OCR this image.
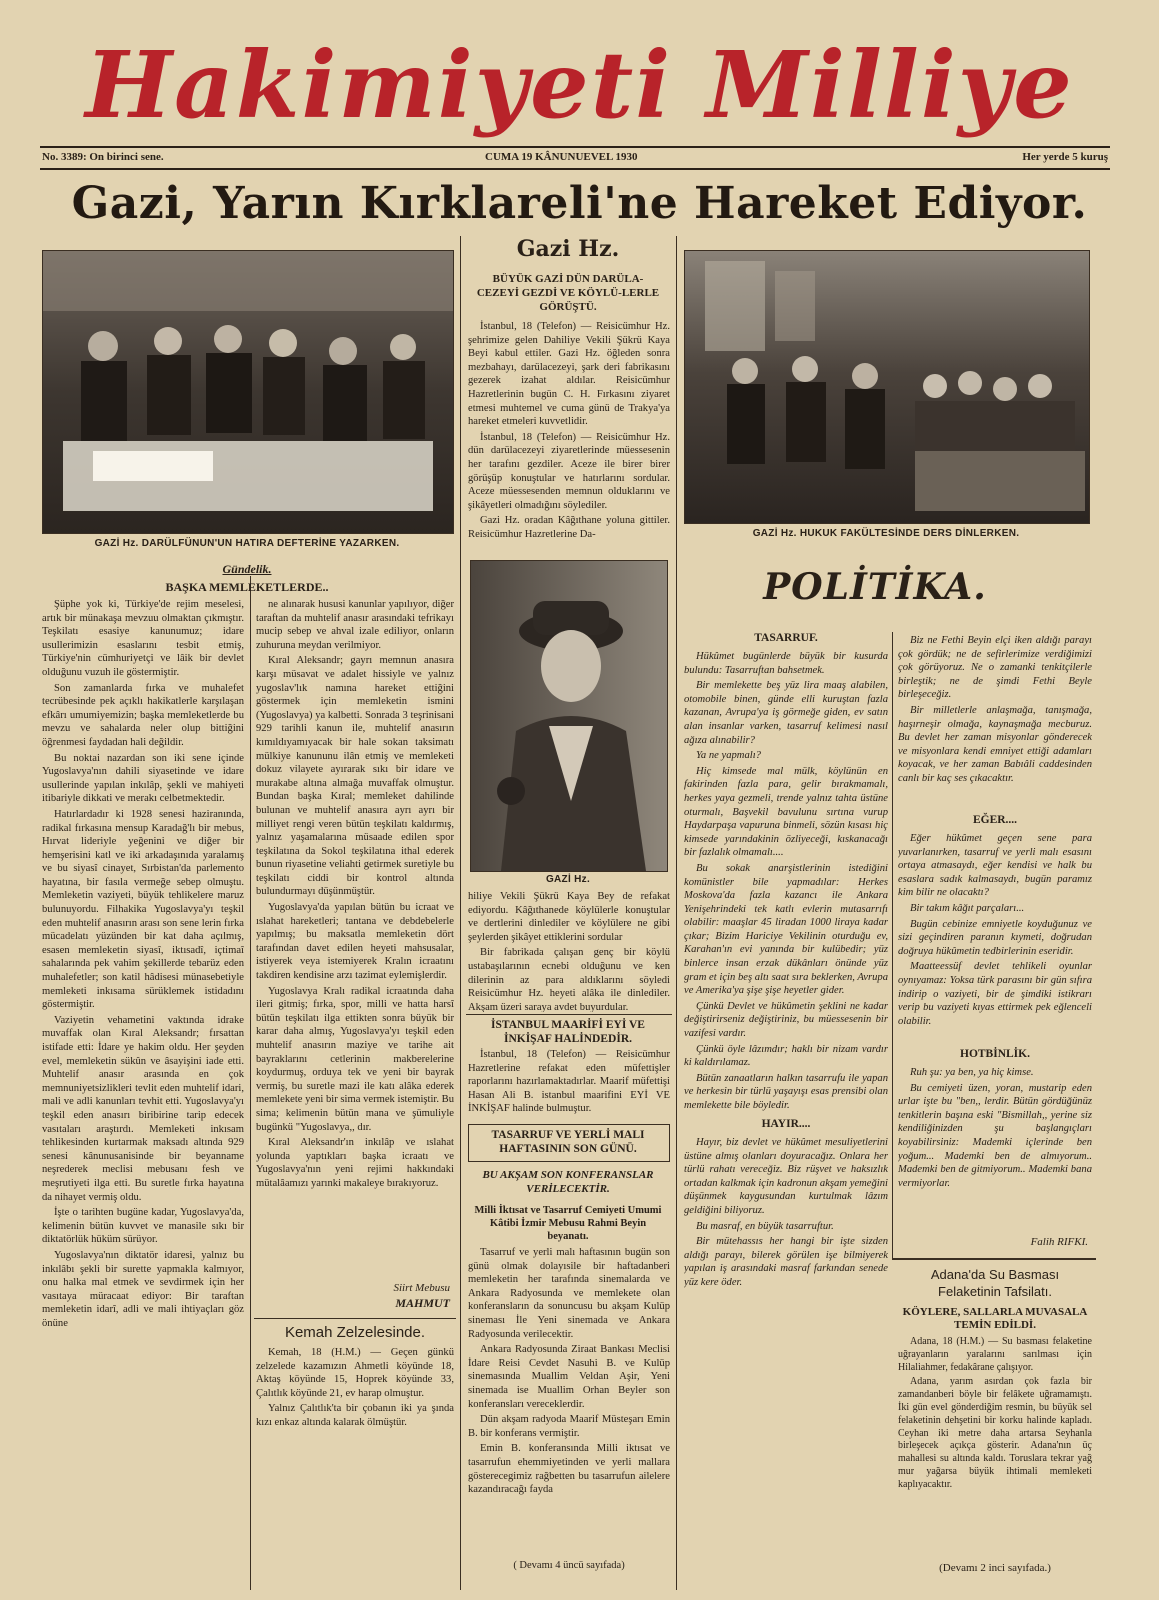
Hakimiyeti Milliye
No. 3389: On birinci sene.	CUMA 19 KÂNUNUEVEL 1930	Her yerde 5 kuruş
Gazi, Yarın Kırklareli'ne Hareket Ediyor.
GAZİ Hz. DARÜLFÜNUN'UN HATIRA DEFTERİNE YAZARKEN.
GAZİ Hz. HUKUK FAKÜLTESİNDE DERS DİNLERKEN.
Gazi Hz.
BÜYÜK GAZİ DÜN DARÜLA-CEZEYİ GEZDİ VE KÖYLÜ-LERLE GÖRÜŞTÜ.

İstanbul, 18 (Telefon) — Reisicümhur Hz. şehrimize gelen Dahiliye Vekili Şükrü Kaya Beyi kabul ettiler. Gazi Hz. öğleden sonra mezbahayı, darülacezeyi, şark deri fabrikasını gezerek izahat aldılar. Reisicümhur Hazretlerinin bugün C. H. Fırkasını ziyaret etmesi muhtemel ve cuma günü de Trakya'ya hareket etmeleri kuvvetlidir.

İstanbul, 18 (Telefon) — Reisicümhur Hz. dün darülacezeyi ziyaretlerinde müessesenin her tarafını gezdiler. Aceze ile birer birer görüşüp konuştular ve hatırlarını sordular. Aceze müessesenden memnun olduklarını ve şikâyetleri olmadığını söylediler.

Gazi Hz. oradan Kâğıthane yoluna gittiler. Reisicümhur Hazretlerine Da-

GAZİ Hz.

hiliye Vekili Şükrü Kaya Bey de refakat ediyordu. Kâğıthanede köylülerle konuştular ve dertlerini dinlediler ve köylülere ne gibi şeylerden şikâyet ettiklerini sordular

Bir fabrikada çalışan genç bir köylü ustabaşılarının ecnebi olduğunu ve ken dilerinin az para aldıklarını söyledi Reisicümhur Hz. heyeti alâka ile dinlediler. Akşam üzeri saraya avdet buyurdular.

İSTANBUL MAARİFİ EYİ VE İNKİŞAF HALİNDEDİR.

İstanbul, 18 (Telefon) — Reisicümhur Hazretlerine refakat eden müfettişler raporlarını hazırlamaktadırlar. Maarif müfettişi Hasan Ali B. istanbul maarifini EYİ VE İNKİŞAF halinde bulmuştur.

TASARRUF VE YERLİ MALI HAFTASININ SON GÜNÜ.
BU AKŞAM SON KONFERANSLAR VERİLECEKTİR.
Milli İktısat ve Tasarruf Cemiyeti Umumi Kâtibi İzmir Mebusu Rahmi Beyin beyanatı.

Tasarruf ve yerli malı haftasının bugün son günü olmak dolayısile bir haftadanberi memleketin her tarafında sinemalarda ve Ankara Radyosunda ve memlekete olan konferansların da sonuncusu bu akşam Kulüp sineması İle Yeni sinemada ve Ankara Radyosunda verilecektir.

Ankara Radyosunda Ziraat Bankası Meclisi İdare Reisi Cevdet Nasuhi B. ve Kulüp sinemasında Muallim Veldan Aşir, Yeni sinemada ise Muallim Orhan Beyler son konferansları vereceklerdir.

Dün akşam radyoda Maarif Müsteşarı Emin B. bir konferans vermiştir.

Emin B. konferansında Milli iktısat ve tasarrufun ehemmiyetinden ve yerli mallara gösterecegimiz rağbetten bu tasarrufun ailelere kazandıracağı fayda

( Devamı 4 üncü sayıfada)
Gündelik.
BAŞKA MEMLEKETLERDE..

Şüphe yok ki, Türkiye'de rejim meselesi, artık bir münakaşa mevzuu olmaktan çıkmıştır. Teşkilatı esasiye kanunumuz; idare usullerimizin esaslarını tesbit etmiş, Türkiye'nin cümhuriyetçi ve lâik bir devlet olduğunu vuzuh ile göstermiştir.

Son zamanlarda fırka ve muhalefet tecrübesinde pek açıklı hakikatlerle karşılaşan efkârı umumiyemizin; başka memleketlerde bu mevzu ve sahalarda neler olup bittiğini öğrenmesi faydadan hali değildir.

Bu noktai nazardan son iki sene içinde Yugoslavya'nın dahili siyasetinde ve idare usullerinde yapılan inkılâp, şekli ve mahiyeti itibariyle dikkati ve merakı celbetmektedir.

Hatırlardadır ki 1928 senesi haziranında, radikal fırkasına mensup Karadağ'lı bir mebus, Hırvat lideriyle yeğenini ve diğer bir hemşerisini katl ve iki arkadaşınıda yaralamış ve bu siyasî cinayet, Sırbistan'da parlemento hayatına, bir fasıla vermeğe sebep olmuştu. Memleketin vaziyeti, büyük tehlikelere maruz bulunuyordu. Filhakika Yugoslavya'yı teşkil eden muhtelif anasırın arası son sene lerin fırka mücadelatı yüzünden bir kat daha açılmış, esasen memleketin siyasî, iktısadî, içtimaî sahalarında pek vahim şekillerde tebarüz eden muhalefetler; son katil hâdisesi münasebetiyle memleketi inkısama sürüklemek istidadını göstermiştir.

Vaziyetin vehametini vaktında idrake muvaffak olan Kıral Aleksandr; fırsattan istifade etti: İdare ye hakim oldu. Her şeyden evel, memleketin sükûn ve âsayişini iade etti. Muhtelif anasır arasında en çok memnuniyetsizlikleri tevlit eden muhtelif idari, mali ve adli kanunları tevhit etti. Yugoslavya'yı teşkil eden anasırı biribirine tarip edecek vasıtaları araştırdı. Memleketi inkısam tehlikesinden kurtarmak maksadı altında 929 senesi kânunusanisinde bir beyanname neşrederek meclisi mebusanı fesh ve meşrutiyeti ilga etti. Bu suretle fırka hayatına da nihayet vermiş oldu.

İşte o tarihten bugüne kadar, Yugoslavya'da, kelimenin bütün kuvvet ve manasile sıkı bir diktatörlük hüküm sürüyor.

Yugoslavya'nın diktatör idaresi, yalnız bu inkılâbı şekli bir surette yapmakla kalmıyor, onu halka mal etmek ve sevdirmek için her vasıtaya müracaat ediyor: Bir taraftan memleketin idarî, adli ve mali ihtiyaçları göz önüne

ne alınarak hususi kanunlar yapılıyor, diğer taraftan da muhtelif anasır arasındaki tefrikayı mucip sebep ve ahval izale ediliyor, onların zuhuruna meydan verilmiyor.

Kıral Aleksandr; gayrı memnun anasıra karşı müsavat ve adalet hissiyle ve yalnız yugoslav'lık namına hareket ettiğini göstermek için memleketin ismini (Yugoslavya) ya kalbetti. Sonrada 3 teşrinisani 929 tarihli kanun ile, muhtelif anasırın kımıldıyamıyacak bir hale sokan taksimatı mülkiye kanununu ilân etmiş ve memleketi dokuz vilayete ayırarak sıkı bir idare ve murakabe altına almağa muvaffak olmuştur. Bundan başka Kıral; memleket dahilinde bulunan ve muhtelif anasıra ayrı ayrı bir milliyet rengi veren bütün teşkilatı kaldırmış, yalnız yaşamalarına müsaade edilen spor teşkilatına da Sokol teşkilatına ithal ederek bunun riyasetine veliahti getirmek suretiyle bu teşkilatı ciddi bir kontrol altında bulundurmayı düşünmüştür.

Yugoslavya'da yapılan bütün bu icraat ve ıslahat hareketleri; tantana ve debdebelerle yapılmış; bu maksatla memleketin dört tarafından davet edilen heyeti mahsusalar, istiyerek veya istemiyerek Kralın icraatını takdiren kendisine arzı tazimat eylemişlerdir.

Yugoslavya Kralı radikal icraatında daha ileri gitmiş; fırka, spor, milli ve hatta harsî bütün teşkilatı ilga ettikten sonra büyük bir karar daha almış, Yugoslavya'yı teşkil eden muhtelif anasırın maziye ve tarihe ait bayraklarını cetlerinin makberelerine koydurmuş, orduya tek ve yeni bir bayrak vermiş, bu suretle mazi ile katı alâka ederek memlekete yeni bir sima vermek istemiştir. Bu sima; kelimenin bütün mana ve şümuliyle bugünkü "Yugoslavya,, dır.

Kıral Aleksandr'ın inkılâp ve ıslahat yolunda yaptıkları başka icraatı ve Yugoslavya'nın yeni rejimi hakkındaki mütalâamızı yarınki makaleye bırakıyoruz.

Siirt Mebusu
MAHMUT
Kemah Zelzelesinde.

Kemah, 18 (H.M.) — Geçen günkü zelzelede kazamızın Ahmetli köyünde 18, Aktaş köyünde 15, Hoprek köyünde 33, Çalıtlık köyünde 21, ev harap olmuştur.

Yalnız Çalıtlık'ta bir çobanın iki ya şında kızı enkaz altında kalarak ölmüştür.

POLİTİKA.
TASARRUF.

Hükûmet bugünlerde büyük bir kusurda bulundu: Tasarruftan bahsetmek.

Bir memlekette beş yüz lira maaş alabilen, otomobile binen, günde elli kuruştan fazla kazanan, Avrupa'ya iş görmeğe giden, ev satın alan insanlar varken, tasarruf kelimesi nasıl ağıza alınabilir?

Ya ne yapmalı?

Hiç kimsede mal mülk, köylünün en fakirinden fazla para, gelir bırakmamalı, herkes yaya gezmeli, trende yalnız tahta üstüne oturmalı, Başvekil bavulunu sırtına vurup Haydarpaşa vapuruna binmeli, sözün kısası hiç kimsede yarındakinin özliyeceği, kıskanacağı bir fazlalık olmamalı....

Bu sokak anarşistlerinin istediğini komünistler bile yapmadılar: Herkes Moskova'da fazla kazancı ile Ankara Yenişehrindeki tek katlı evlerin mutasarrıfı olabilir: maaşlar 45 liradan 1000 liraya kadar çıkar; Bizim Hariciye Vekilinin oturduğu ev, Karahan'ın evi yanında bir kulübedir; yüz binlerce insan erzak dükânları önünde yüz gram et için beş altı saat sıra beklerken, Avrupa ve Amerika'ya şişe şişe heyetler gider.

Çünkü Devlet ve hükûmetin şeklini ne kadar değiştirirseniz değiştiriniz, bu müessesenin bir vazifesi vardır.

Çünkü öyle lâzımdır; haklı bir nizam vardır ki kaldırılamaz.

Bütün zanaatların halkın tasarrufu ile yapan ve herkesin bir türlü yaşayışı esas prensibi olan memlekette bile böyledir.

HAYIR....

Hayır, biz devlet ve hükûmet mesuliyetlerini üstüne almış olanları doyuracağız. Onlara her türlü rahatı vereceğiz. Biz rüşvet ve haksızlık ortadan kalkmak için kadronun akşam yemeğini düşünmek kaygusundan kurtulmak lâzım geldiğini biliyoruz.

Bu masraf, en büyük tasarruftur.

Bir mütehassıs her hangi bir işte sizden aldığı parayı, bilerek görülen işe bilmiyerek yapılan iş arasındaki masraf farkından senede yüz kere öder.

Biz ne Fethi Beyin elçi iken aldığı parayı çok gördük; ne de sefirlerimize verdiğimizi çok görüyoruz. Ne o zamanki tenkitçilerle birleştik; ne de şimdi Fethi Beyle birleşeceğiz.

Bir milletlerle anlaşmağa, tanışmağa, haşırneşir olmağa, kaynaşmağa mecburuz. Bu devlet her zaman misyonlar gönderecek ve misyonlara kendi emniyet ettiği adamları koyacak, ve her zaman Babıâli caddesinden canlı bir kaç ses çıkacaktır.

EĞER....

Eğer hükûmet geçen sene para yuvarlanırken, tasarruf ve yerli malı esasını ortaya atmasaydı, eğer kendisi ve halk bu esaslara sadık kalmasaydı, bugün paramız kim bilir ne olacaktı?

Bir takım kâğıt parçaları...

Bugün cebinize emniyetle koyduğunuz ve sizi geçindiren paranın kıymeti, doğrudan doğruya hükûmetin tedbirlerinin eseridir.

Maatteessüf devlet tehlikeli oyunlar oynıyamaz: Yoksa türk parasını bir gün sıfıra indirip o vaziyeti, bir de şimdiki istikrarı verip bu vaziyeti kıyas ettirmek pek eğlenceli olabilir.

HOTBİNLİK.

Ruh şu: ya ben, ya hiç kimse.

Bu cemiyeti üzen, yoran, mustarip eden urlar işte bu "ben,, lerdir. Bütün gördüğünüz tenkitlerin başına eski "Bismillah,, yerine siz kendiliğinizden şu başlangıçları koyabilirsiniz: Mademki içlerinde ben yoğum... Mademki ben de almıyorum.. Mademki ben de gitmiyorum.. Mademki bana vermiyorlar.

Falih RIFKI.
Adana'da Su Basması Felaketinin Tafsilatı.
KÖYLERE, SALLARLA MUVASALA TEMİN EDİLDİ.

Adana, 18 (H.M.) — Su basması felaketine uğrayanların yaralarını sarılması için Hilaliahmer, fedakârane çalışıyor.

Adana, yarım asırdan çok fazla bir zamandanberi böyle bir felâkete uğramamıştı. İki gün evel gönderdiğim resmin, bu büyük sel felaketinin dehşetini bir korku halinde kapladı. Ceyhan iki metre daha artarsa Seyhanla birleşecek açıkça gösterir. Adana'nın üç mahallesi su altında kaldı. Toruslara tekrar yağ mur yağarsa büyük ihtimali memleketi kaplıyacaktır.

(Devamı 2 inci sayıfada.)
